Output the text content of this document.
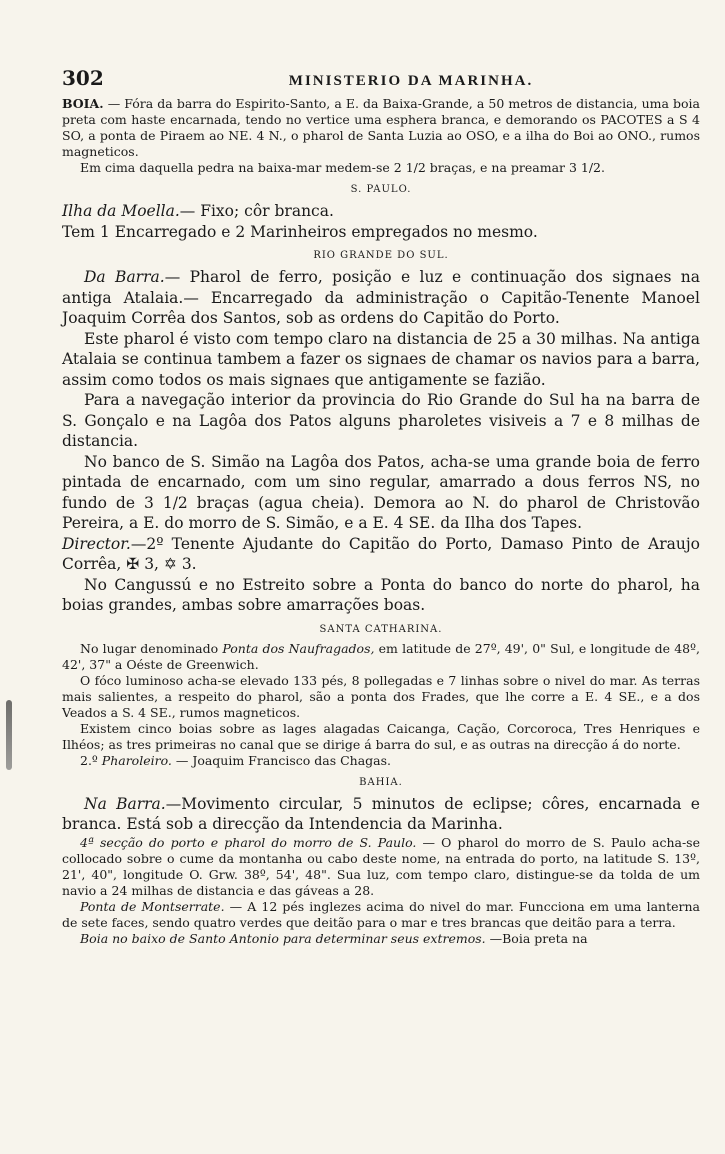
302	MINISTERIO DA MARINHA.

BOIA. — Fóra da barra do Espirito-Santo, a E. da Baixa-Grande, a 50 metros de distancia, uma boia preta com haste encarnada, tendo no vertice uma esphera branca, e demorando os PACOTES a S 4 SO, a ponta de Piraem ao NE. 4 N., o pharol de Santa Luzia ao OSO, e a ilha do Boi ao ONO., rumos magneticos.

Em cima daquella pedra na baixa-mar medem-se 2 1/2 braças, e na preamar 3 1/2.

S. PAULO.

Ilha da Moella.— Fixo; côr branca.

Tem 1 Encarregado e 2 Marinheiros empregados no mesmo.

RIO GRANDE DO SUL.

Da Barra.— Pharol de ferro, posição e luz e continuação dos signaes na antiga Atalaia.— Encarregado da administração o Capitão-Tenente Manoel Joaquim Corrêa dos Santos, sob as ordens do Capitão do Porto.

Este pharol é visto com tempo claro na distancia de 25 a 30 milhas. Na antiga Atalaia se continua tambem a fazer os signaes de chamar os navios para a barra, assim como todos os mais signaes que antigamente se fazião.

Para a navegação interior da provincia do Rio Grande do Sul ha na barra de S. Gonçalo e na Lagôa dos Patos alguns pharoletes visiveis a 7 e 8 milhas de distancia.

No banco de S. Simão na Lagôa dos Patos, acha-se uma grande boia de ferro pintada de encarnado, com um sino regular, amarrado a dous ferros NS, no fundo de 3 1/2 braças (agua cheia). Demora ao N. do pharol de Christovão Pereira, a E. do morro de S. Simão, e a E. 4 SE. da Ilha dos Tapes.

Director.—2º Tenente Ajudante do Capitão do Porto, Damaso Pinto de Araujo Corrêa, ✠ 3, ✡ 3.

No Cangussú e no Estreito sobre a Ponta do banco do norte do pharol, ha boias grandes, ambas sobre amarrações boas.

SANTA CATHARINA.

No lugar denominado Ponta dos Naufragados, em latitude de 27º, 49', 0" Sul, e longitude de 48º, 42', 37" a Oéste de Greenwich.

O fóco luminoso acha-se elevado 133 pés, 8 pollegadas e 7 linhas sobre o nivel do mar. As terras mais salientes, a respeito do pharol, são a ponta dos Frades, que lhe corre a E. 4 SE., e a dos Veados a S. 4 SE., rumos magneticos.

Existem cinco boias sobre as lages alagadas Caicanga, Cação, Corcoroca, Tres Henriques e Ilhéos; as tres primeiras no canal que se dirige á barra do sul, e as outras na direcção á do norte.

2.º Pharoleiro. — Joaquim Francisco das Chagas.

BAHIA.

Na Barra.—Movimento circular, 5 minutos de eclipse; côres, encarnada e branca. Está sob a direcção da Intendencia da Marinha.

4ª secção do porto e pharol do morro de S. Paulo. — O pharol do morro de S. Paulo acha-se collocado sobre o cume da montanha ou cabo deste nome, na entrada do porto, na latitude S. 13º, 21', 40", longitude O. Grw. 38º, 54', 48". Sua luz, com tempo claro, distingue-se da tolda de um navio a 24 milhas de distancia e das gáveas a 28.

Ponta de Montserrate. — A 12 pés inglezes acima do nivel do mar. Funcciona em uma lanterna de sete faces, sendo quatro verdes que deitão para o mar e tres brancas que deitão para a terra.

Boia no baixo de Santo Antonio para determinar seus extremos. —Boia preta na
